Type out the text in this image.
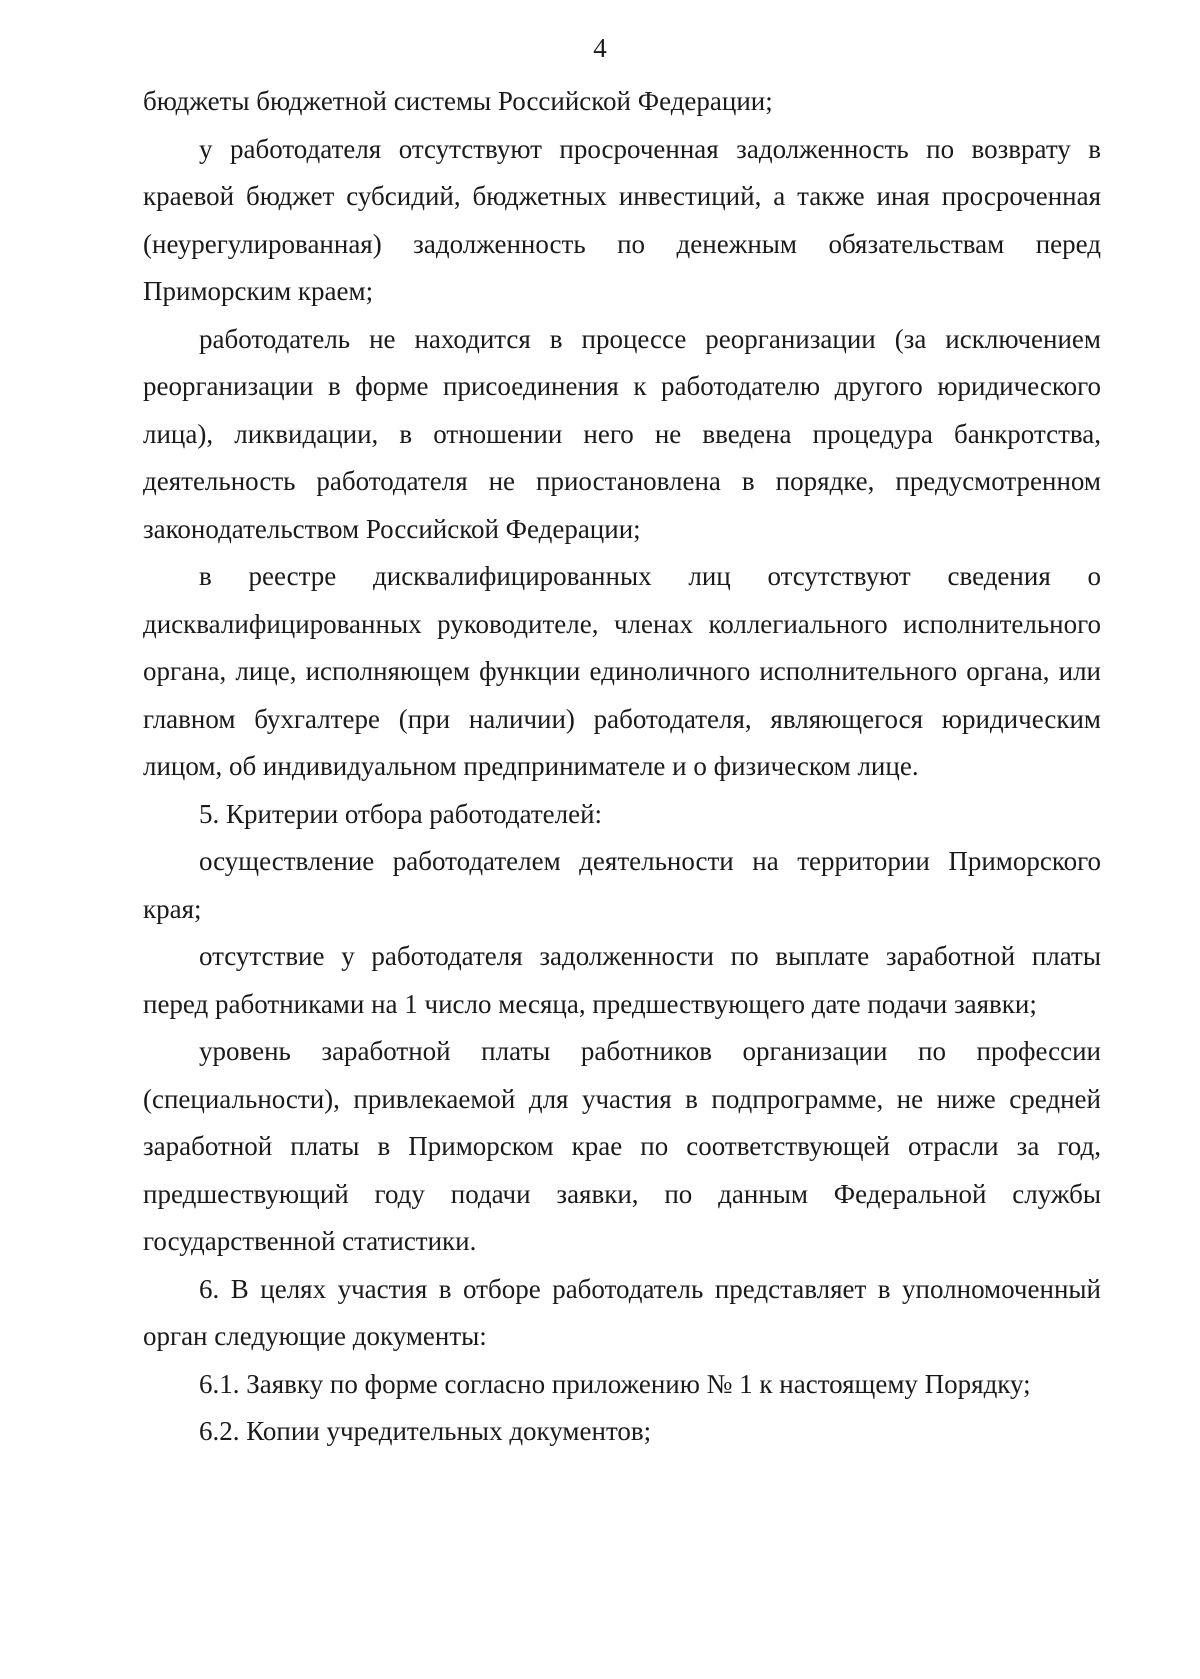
4

бюджеты бюджетной системы Российской Федерации;

у работодателя отсутствуют просроченная задолженность по возврату в краевой бюджет субсидий, бюджетных инвестиций, а также иная просроченная (неурегулированная) задолженность по денежным обязательствам перед Приморским краем;

работодатель не находится в процессе реорганизации (за исключением реорганизации в форме присоединения к работодателю другого юридического лица), ликвидации, в отношении него не введена процедура банкротства, деятельность работодателя не приостановлена в порядке, предусмотренном законодательством Российской Федерации;

в реестре дисквалифицированных лиц отсутствуют сведения о дисквалифицированных руководителе, членах коллегиального исполнительного органа, лице, исполняющем функции единоличного исполнительного органа, или главном бухгалтере (при наличии) работодателя, являющегося юридическим лицом, об индивидуальном предпринимателе и о физическом лице.

5. Критерии отбора работодателей:

осуществление работодателем деятельности на территории Приморского края;

отсутствие у работодателя задолженности по выплате заработной платы перед работниками на 1 число месяца, предшествующего дате подачи заявки;

уровень заработной платы работников организации по профессии (специальности), привлекаемой для участия в подпрограмме, не ниже средней заработной платы в Приморском крае по соответствующей отрасли за год, предшествующий году подачи заявки, по данным Федеральной службы государственной статистики.

6. В целях участия в отборе работодатель представляет в уполномоченный орган следующие документы:

6.1. Заявку по форме согласно приложению № 1 к настоящему Порядку;

6.2. Копии учредительных документов;
